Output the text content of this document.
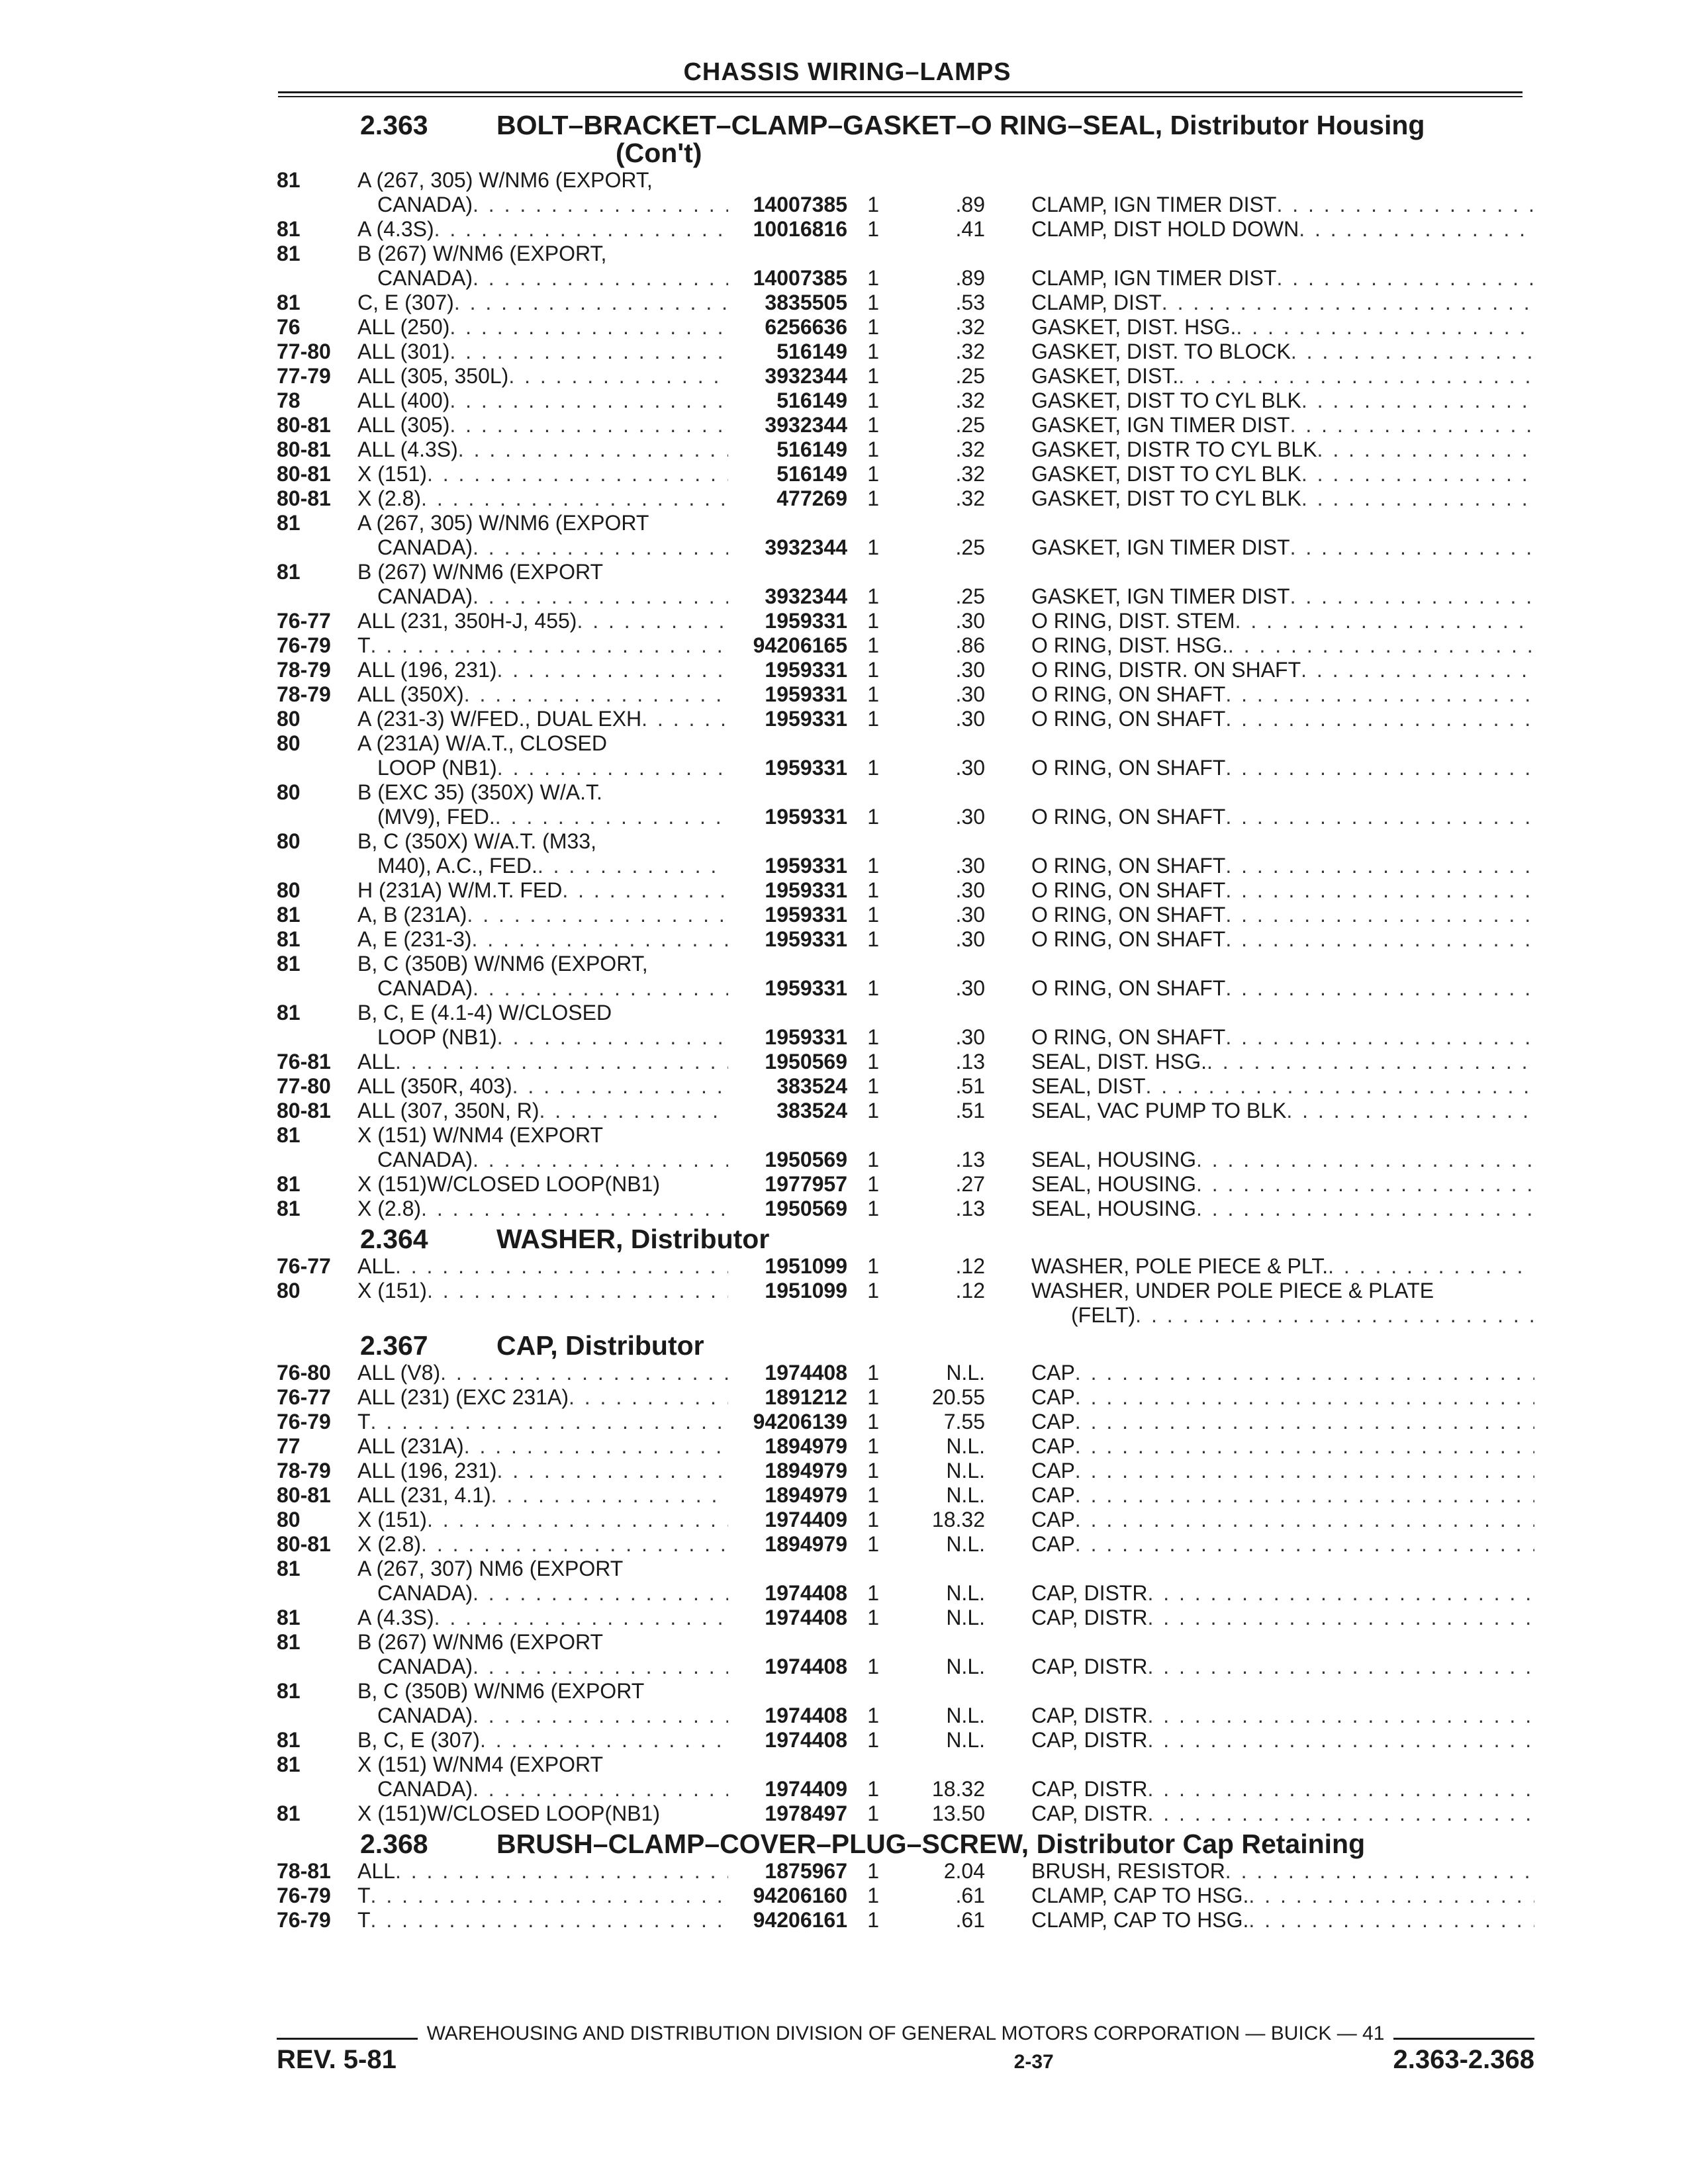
CHASSIS WIRING–LAMPS
2.363	BOLT–BRACKET–CLAMP–GASKET–O RING–SEAL, Distributor Housing
(Con't)
81	A (267, 305) W/NM6 (EXPORT,
CANADA) . . .	14007385 1	.89 CLAMP, IGN TIMER DIST
. . .
81	A (4.3S) . . .	10016816 1	.41 CLAMP, DIST HOLD DOWN
. . .
81	B (267) W/NM6 (EXPORT,
CANADA) . . .	14007385 1	.89 CLAMP, IGN TIMER DIST
. . .
81	C, E (307) . . .	3835505 1	.53 CLAMP, DIST
. . .
76	ALL (250) . . .	6256636 1	.32 GASKET, DIST. HSG.
. . .
77-80	ALL (301) . . .	516149 1	.32 GASKET, DIST. TO BLOCK
. . .
77-79	ALL (305, 350L) . . .	3932344 1	.25 GASKET, DIST.
. . .
78	ALL (400) . . .	516149 1	.32 GASKET, DIST TO CYL BLK
. . .
80-81	ALL (305) . . .	3932344 1	.25 GASKET, IGN TIMER DIST
. . .
80-81	ALL (4.3S) . . .	516149 1	.32 GASKET, DISTR TO CYL BLK
. . .
80-81	X (151) . . .	516149 1	.32 GASKET, DIST TO CYL BLK
. . .
80-81	X (2.8) . . .	477269 1	.32 GASKET, DIST TO CYL BLK
. . .
81	A (267, 305) W/NM6 (EXPORT
CANADA) . . .	3932344 1	.25 GASKET, IGN TIMER DIST
. . .
81	B (267) W/NM6 (EXPORT
CANADA) . . .	3932344 1	.25 GASKET, IGN TIMER DIST
. . .
76-77	ALL (231, 350H-J, 455) . . .	1959331 1	.30 O RING, DIST. STEM
. . .
76-79	T . . .	94206165 1	.86 O RING, DIST. HSG.
. . .
78-79	ALL (196, 231) . . .	1959331 1	.30 O RING, DISTR. ON SHAFT
. . .
78-79	ALL (350X) . . .	1959331 1	.30 O RING, ON SHAFT
. . .
80	A (231-3) W/FED., DUAL EXH . . .	1959331 1	.30 O RING, ON SHAFT
. . .
80	A (231A) W/A.T., CLOSED
LOOP (NB1) . . .	1959331 1	.30 O RING, ON SHAFT
. . .
80	B (EXC 35) (350X) W/A.T.
(MV9), FED. . . .	1959331 1	.30 O RING, ON SHAFT
. . .
80	B, C (350X) W/A.T. (M33,
M40), A.C., FED. . . .	1959331 1	.30 O RING, ON SHAFT
. . .
80	H (231A) W/M.T. FED . . .	1959331 1	.30 O RING, ON SHAFT
. . .
81	A, B (231A) . . .	1959331 1	.30 O RING, ON SHAFT
. . .
81	A, E (231-3) . . .	1959331 1	.30 O RING, ON SHAFT
. . .
81	B, C (350B) W/NM6 (EXPORT,
CANADA) . . .	1959331 1	.30 O RING, ON SHAFT
. . .
81	B, C, E (4.1-4) W/CLOSED
LOOP (NB1) . . .	1959331 1	.30 O RING, ON SHAFT
. . .
76-81	ALL . . .	1950569 1	.13 SEAL, DIST. HSG.
. . .
77-80	ALL (350R, 403) . . .	383524 1	.51 SEAL, DIST
. . .
80-81	ALL (307, 350N, R) . . .	383524 1	.51 SEAL, VAC PUMP TO BLK
. . .
81	X (151) W/NM4 (EXPORT
CANADA) . . .	1950569 1	.13 SEAL, HOUSING
. . .
81	X (151)W/CLOSED LOOP(NB1)	1977957 1	.27 SEAL, HOUSING
. . .
81	X (2.8) . . .	1950569 1	.13 SEAL, HOUSING
. . .
2.364	WASHER, Distributor
76-77	ALL . . .	1951099 1	.12 WASHER, POLE PIECE & PLT.
. . .
80	X (151) . . .	1951099 1	.12 WASHER, UNDER POLE PIECE & PLATE
(FELT)
. . .
2.367	CAP, Distributor
76-80	ALL (V8) . . .	1974408 1	N.L. CAP
. . .
76-77	ALL (231) (EXC 231A) . . .	1891212 1	20.55 CAP
. . .
76-79	T . . .	94206139 1	7.55 CAP
. . .
77	ALL (231A) . . .	1894979 1	N.L. CAP
. . .
78-79	ALL (196, 231) . . .	1894979 1	N.L. CAP
. . .
80-81	ALL (231, 4.1) . . .	1894979 1	N.L. CAP
. . .
80	X (151) . . .	1974409 1	18.32 CAP
. . .
80-81	X (2.8) . . .	1894979 1	N.L. CAP
. . .
81	A (267, 307) NM6 (EXPORT
CANADA) . . .	1974408 1	N.L. CAP, DISTR
. . .
81	A (4.3S) . . .	1974408 1	N.L. CAP, DISTR
. . .
81	B (267) W/NM6 (EXPORT
CANADA) . . .	1974408 1	N.L. CAP, DISTR
. . .
81	B, C (350B) W/NM6 (EXPORT
CANADA) . . .	1974408 1	N.L. CAP, DISTR
. . .
81	B, C, E (307) . . .	1974408 1	N.L. CAP, DISTR
. . .
81	X (151) W/NM4 (EXPORT
CANADA) . . .	1974409 1	18.32 CAP, DISTR
. . .
81	X (151)W/CLOSED LOOP(NB1)	1978497 1	13.50 CAP, DISTR
. . .
2.368	BRUSH–CLAMP–COVER–PLUG–SCREW, Distributor Cap Retaining
78-81	ALL . . .	1875967 1	2.04 BRUSH, RESISTOR
. . .
76-79	T . . .	94206160 1	.61 CLAMP, CAP TO HSG.
. . .
76-79	T . . .	94206161 1	.61 CLAMP, CAP TO HSG.
. . .
WAREHOUSING AND DISTRIBUTION DIVISION OF GENERAL MOTORS CORPORATION — BUICK — 41
REV. 5-81	2-37	2.363-2.368
